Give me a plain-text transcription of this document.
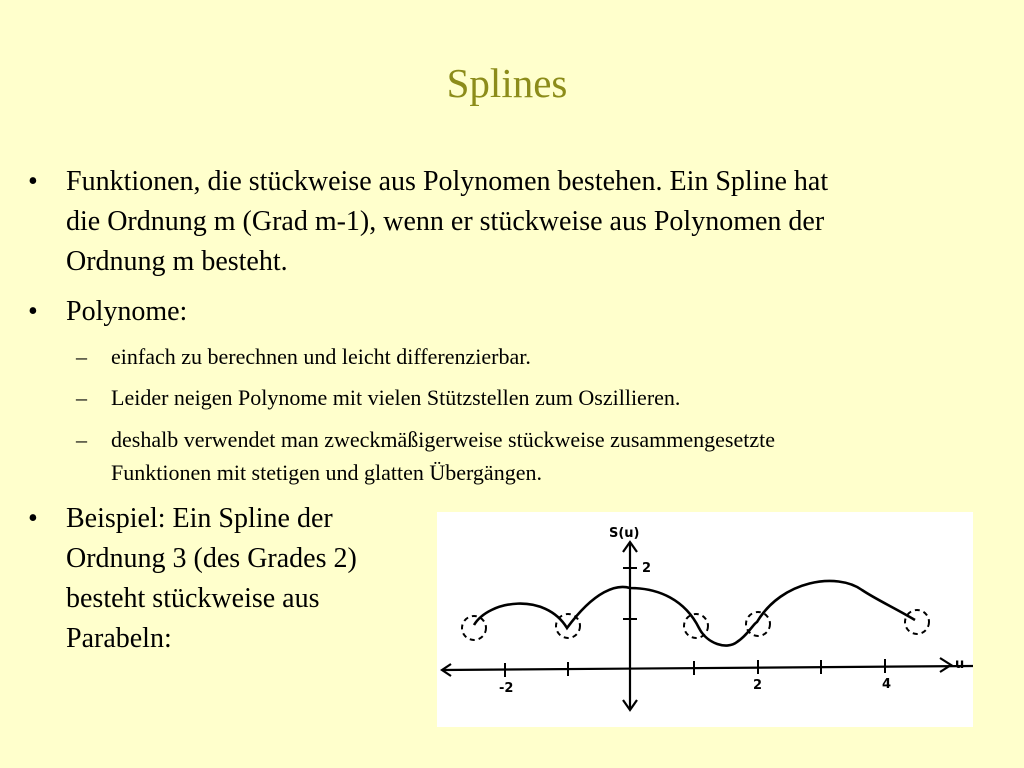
Splines
• Funktionen, die stückweise aus Polynomen bestehen. Ein Spline hat
die Ordnung m (Grad m-1), wenn er stückweise aus Polynomen der
Ordnung m besteht.
• Polynome:
– einfach zu berechnen und leicht differenzierbar.
– Leider neigen Polynome mit vielen Stützstellen zum Oszillieren.
– deshalb verwendet man zweckmäßigerweise stückweise zusammengesetzte
Funktionen mit stetigen und glatten Übergängen.
• Beispiel: Ein Spline der
Ordnung 3 (des Grades 2)
besteht stückweise aus
Parabeln:
S(u)
2
u
-2	2	4
